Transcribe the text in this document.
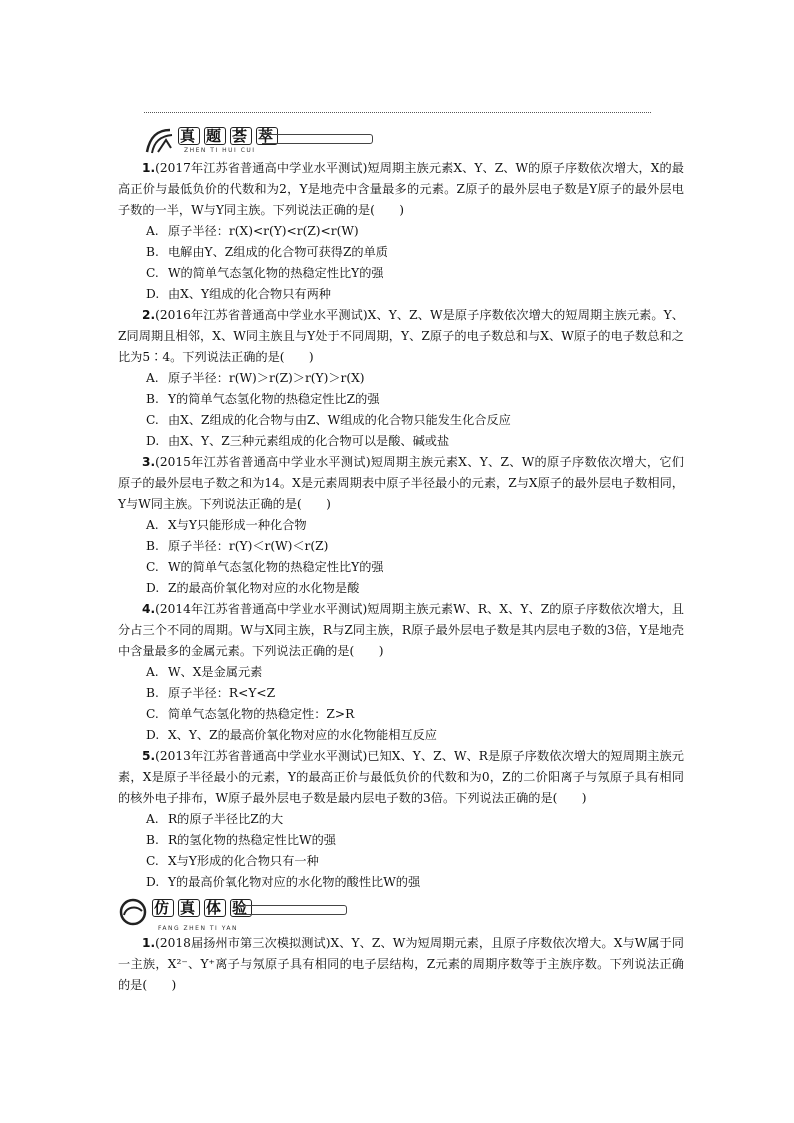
真 题 荟 萃
ZHEN TI HUI CUI

1.(2017年江苏省普通高中学业水平测试)短周期主族元素X、Y、Z、W的原子序数依次增大，X的最高正价与最低负价的代数和为2，Y是地壳中含量最多的元素。Z原子的最外层电子数是Y原子的最外层电子数的一半，W与Y同主族。下列说法正确的是(　　)

A. 原子半径：r(X)<r(Y)<r(Z)<r(W)

B. 电解由Y、Z组成的化合物可获得Z的单质

C. W的简单气态氢化物的热稳定性比Y的强

D. 由X、Y组成的化合物只有两种

2.(2016年江苏省普通高中学业水平测试)X、Y、Z、W是原子序数依次增大的短周期主族元素。Y、Z同周期且相邻，X、W同主族且与Y处于不同周期，Y、Z原子的电子数总和与X、W原子的电子数总和之比为5∶4。下列说法正确的是(　　)

A. 原子半径：r(W)＞r(Z)＞r(Y)＞r(X)

B. Y的简单气态氢化物的热稳定性比Z的强

C. 由X、Z组成的化合物与由Z、W组成的化合物只能发生化合反应

D. 由X、Y、Z三种元素组成的化合物可以是酸、碱或盐

3.(2015年江苏省普通高中学业水平测试)短周期主族元素X、Y、Z、W的原子序数依次增大，它们原子的最外层电子数之和为14。X是元素周期表中原子半径最小的元素，Z与X原子的最外层电子数相同，Y与W同主族。下列说法正确的是(　　)

A. X与Y只能形成一种化合物

B. 原子半径：r(Y)＜r(W)＜r(Z)

C. W的简单气态氢化物的热稳定性比Y的强

D. Z的最高价氧化物对应的水化物是酸

4.(2014年江苏省普通高中学业水平测试)短周期主族元素W、R、X、Y、Z的原子序数依次增大，且分占三个不同的周期。W与X同主族，R与Z同主族，R原子最外层电子数是其内层电子数的3倍，Y是地壳中含量最多的金属元素。下列说法正确的是(　　)

A. W、X是金属元素

B. 原子半径：R<Y<Z

C. 简单气态氢化物的热稳定性：Z>R

D. X、Y、Z的最高价氧化物对应的水化物能相互反应

5.(2013年江苏省普通高中学业水平测试)已知X、Y、Z、W、R是原子序数依次增大的短周期主族元素，X是原子半径最小的元素，Y的最高正价与最低负价的代数和为0，Z的二价阳离子与氖原子具有相同的核外电子排布，W原子最外层电子数是最内层电子数的3倍。下列说法正确的是(　　)

A. R的原子半径比Z的大

B. R的氢化物的热稳定性比W的强

C. X与Y形成的化合物只有一种

D. Y的最高价氧化物对应的水化物的酸性比W的强

仿 真 体 验
FANG ZHEN TI YAN

1.(2018届扬州市第三次模拟测试)X、Y、Z、W为短周期元素，且原子序数依次增大。X与W属于同一主族，X²⁻、Y⁺离子与氖原子具有相同的电子层结构，Z元素的周期序数等于主族序数。下列说法正确的是(　　)
